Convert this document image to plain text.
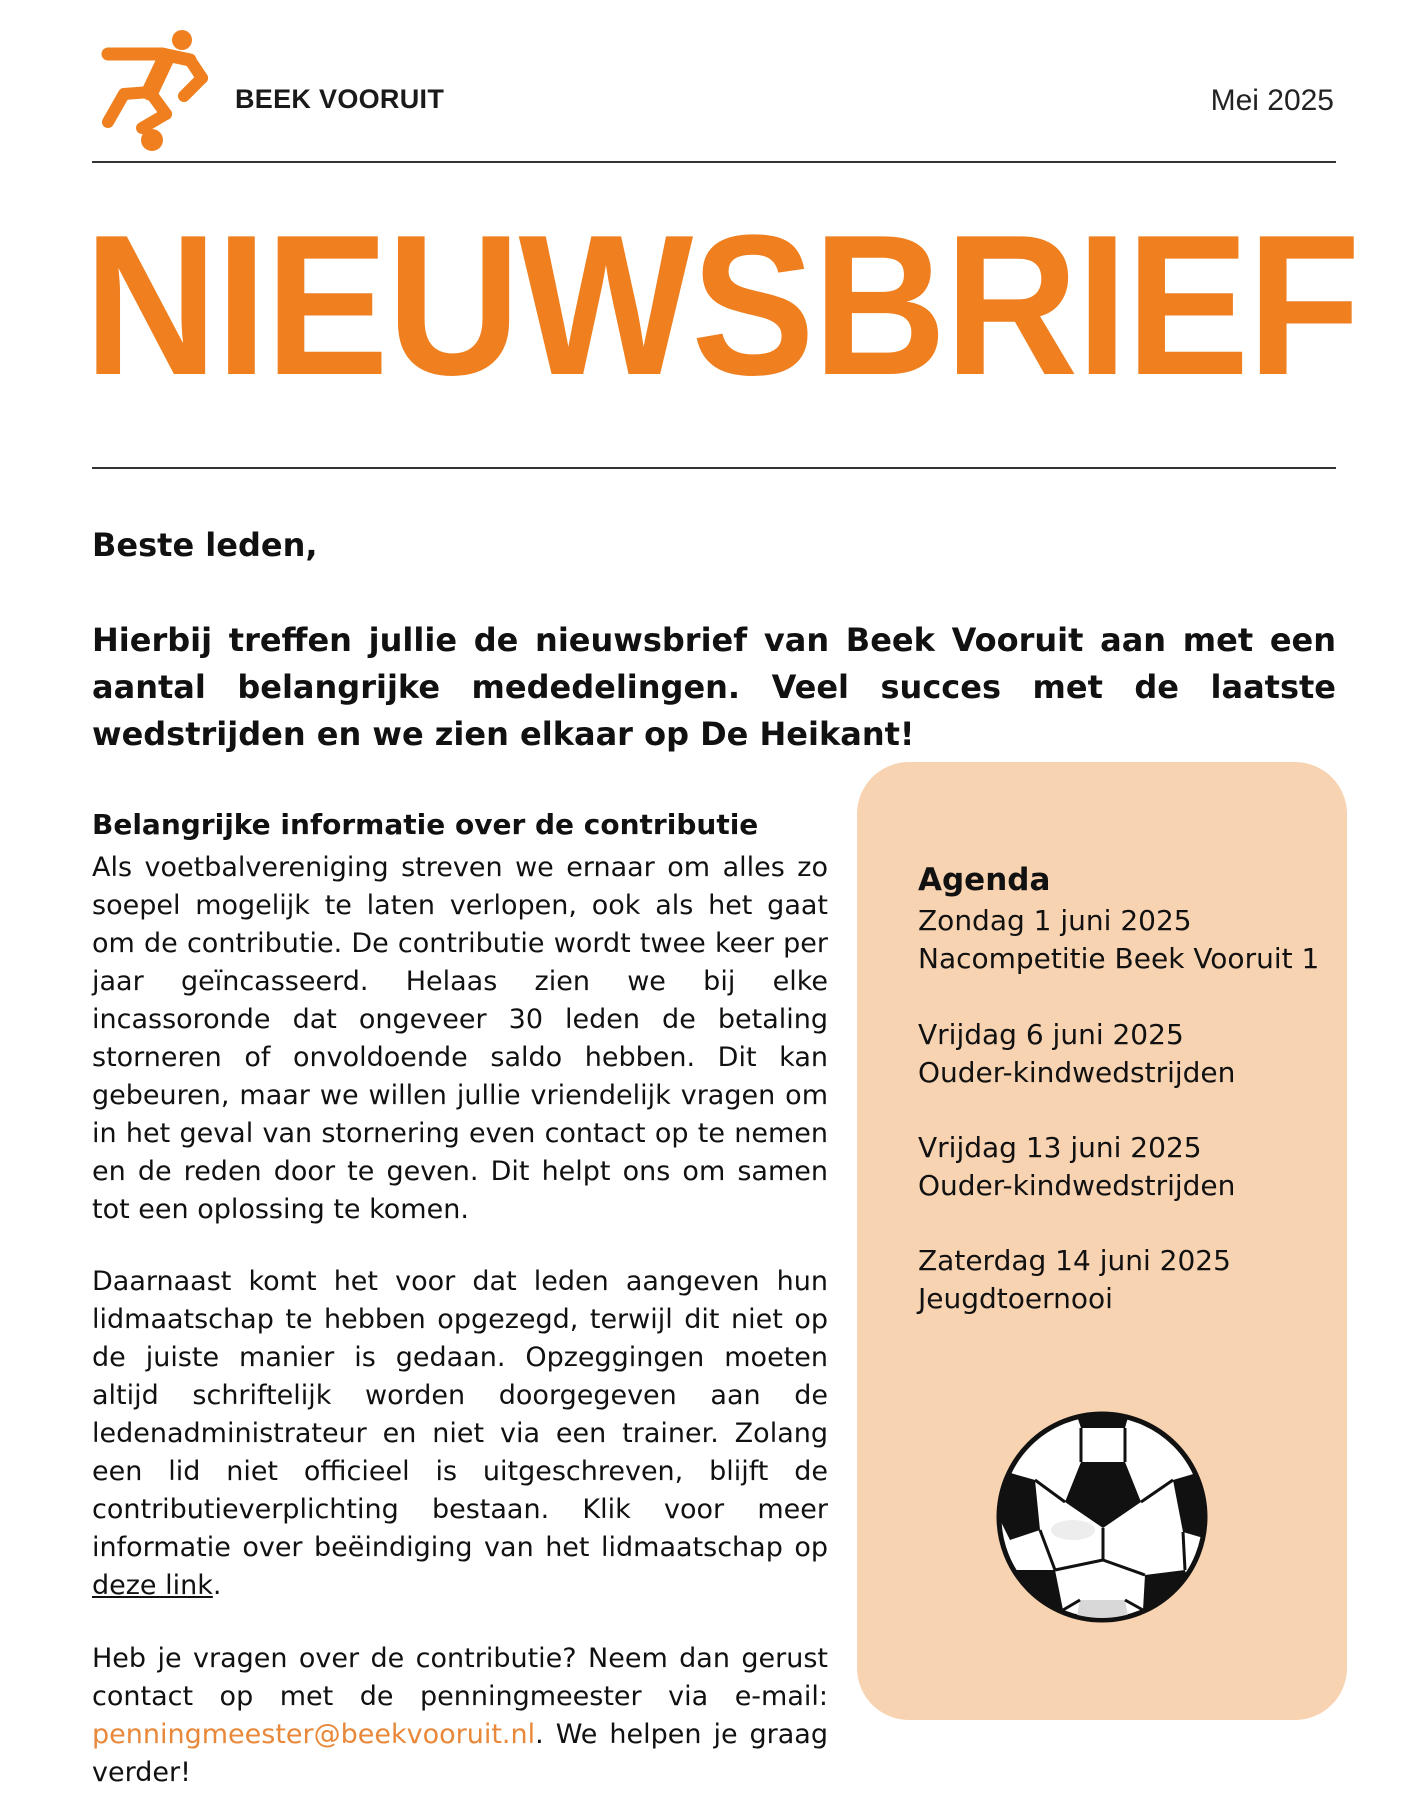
BEEK VOORUIT	Mei 2025
NIEUWSBRIEF
Beste leden,
Hierbij treffen jullie de nieuwsbrief van Beek Vooruit aan met een aantal belangrijke mededelingen. Veel succes met de laatste wedstrijden en we zien elkaar op De Heikant!
Agenda
Zondag 1 juni 2025
Nacompetitie Beek Vooruit 1
Vrijdag 6 juni 2025
Ouder-kindwedstrijden
Vrijdag 13 juni 2025
Ouder-kindwedstrijden
Zaterdag 14 juni 2025
Jeugdtoernooi
Belangrijke informatie over de contributie
Als voetbalvereniging streven we ernaar om alles zo soepel mogelijk te laten verlopen, ook als het gaat om de contributie. De contributie wordt twee keer per jaar geïncasseerd. Helaas zien we bij elke incassoronde dat ongeveer 30 leden de betaling storneren of onvoldoende saldo hebben. Dit kan gebeuren, maar we willen jullie vriendelijk vragen om in het geval van stornering even contact op te nemen en de reden door te geven. Dit helpt ons om samen tot een oplossing te komen.
Daarnaast komt het voor dat leden aangeven hun lidmaatschap te hebben opgezegd, terwijl dit niet op de juiste manier is gedaan. Opzeggingen moeten altijd schriftelijk worden doorgegeven aan de ledenadministrateur en niet via een trainer. Zolang een lid niet officieel is uitgeschreven, blijft de contributieverplichting bestaan. Klik voor meer informatie over beëindiging van het lidmaatschap op deze link.
Heb je vragen over de contributie? Neem dan gerust contact op met de penningmeester via e-mail: penningmeester@beekvooruit.nl. We helpen je graag verder!
